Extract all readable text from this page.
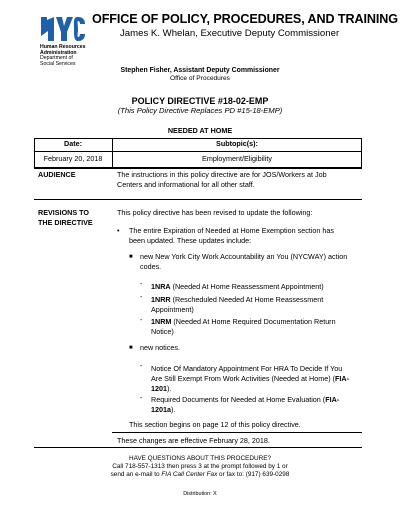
Human Resources
Administration
Department of
Social Services
OFFICE OF POLICY, PROCEDURES, AND TRAINING
James K. Whelan, Executive Deputy Commissioner
Stephen Fisher, Assistant Deputy Commissioner
Office of Procedures
POLICY DIRECTIVE #18-02-EMP
(This Policy Directive Replaces PD #15-18-EMP)
NEEDED AT HOME
Date:
February 20, 2018
Subtopic(s):
Employment/Eligibility
AUDIENCE	The instructions in this policy directive are for JOS/Workers at Job
Centers and informational for all other staff.
REVISIONS TO
THE DIRECTIVE
This policy directive has been revised to update the following:
• The entire Expiration of Needed at Home Exemption section has
been updated. These updates include:
■ new New York City Work Accountability an You (NYCWAY) action
codes.
- 1NRA (Needed At Home Reassessment Appointment)
- 1NRR (Rescheduled Needed At Home Reassessment
Appointment)
- 1NRM (Needed At Home Required Documentation Return
Notice)
■ new notices.
- Notice Of Mandatory Appointment For HRA To Decide If You
Are Still Exempt From Work Activities (Needed at Home) (FIA-
1201).
- Required Documents for Needed at Home Evaluation (FIA-
1201a).
This section begins on page 12 of this policy directive.
These changes are effective February 28, 2018.
HAVE QUESTIONS ABOUT THIS PROCEDURE?
Call 718-557-1313 then press 3 at the prompt followed by 1 or
send an e-mail to FIA Call Center Fax or fax to: (917) 639-0298
Distribution: X
